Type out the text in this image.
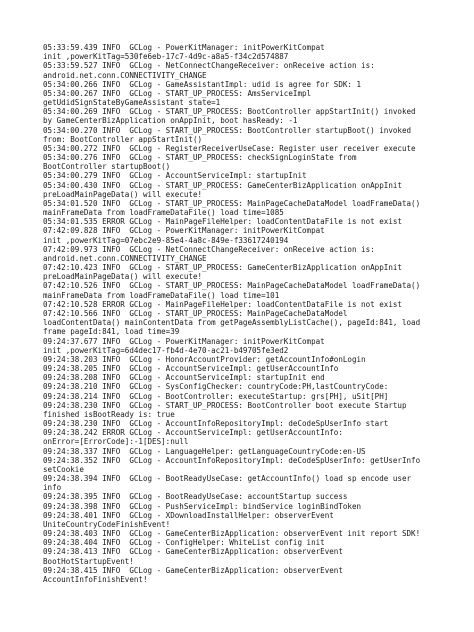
05:33:59.439 INFO  GCLog - PowerKitManager: initPowerKitCompat
init ,powerKitTag=530fe6eb-17c7-4d9c-a8a5-f34c2d574887
05:33:59.527 INFO  GCLog - NetConnectChangeReceiver: onReceive action is:
android.net.conn.CONNECTIVITY_CHANGE
05:34:00.266 INFO  GCLog - GameAssistantImpl: udid is agree for SDK: 1
05:34:00.267 INFO  GCLog - START_UP_PROCESS: AmsServiceImpl
getUdidSignStateByGameAssistant state=1
05:34:00.269 INFO  GCLog - START_UP_PROCESS: BootController appStartInit() invoked
by GameCenterBizApplication onAppInit, boot hasReady: -1
05:34:00.270 INFO  GCLog - START_UP_PROCESS: BootController startupBoot() invoked
from: BootController appStartInit()
05:34:00.272 INFO  GCLog - RegisterReceiverUseCase: Register user receiver execute
05:34:00.276 INFO  GCLog - START_UP_PROCESS: checkSignLoginState from
BootController startupBoot()
05:34:00.279 INFO  GCLog - AccountServiceImpl: startupInit
05:34:00.430 INFO  GCLog - START_UP_PROCESS: GameCenterBizApplication onAppInit
preLoadMainPageData() will execute!
05:34:01.520 INFO  GCLog - START_UP_PROCESS: MainPageCacheDataModel loadFrameData()
mainFrameData from loadFrameDataFile() load time=1085
05:34:01.535 ERROR GCLog - MainPageFileHelper: loadContentDataFile is not exist
07:42:09.828 INFO  GCLog - PowerKitManager: initPowerKitCompat
init ,powerKitTag=07ebc2e9-85e4-4a8c-849e-f33617240194
07:42:09.973 INFO  GCLog - NetConnectChangeReceiver: onReceive action is:
android.net.conn.CONNECTIVITY_CHANGE
07:42:10.423 INFO  GCLog - START_UP_PROCESS: GameCenterBizApplication onAppInit
preLoadMainPageData() will execute!
07:42:10.526 INFO  GCLog - START_UP_PROCESS: MainPageCacheDataModel loadFrameData()
mainFrameData from loadFrameDataFile() load time=101
07:42:10.528 ERROR GCLog - MainPageFileHelper: loadContentDataFile is not exist
07:42:10.566 INFO  GCLog - START_UP_PROCESS: MainPageCacheDataModel
loadContentData() mainContentData from getPageAssemblyListCache(), pageId:841, load
frame pageId:841, load time=39
09:24:37.677 INFO  GCLog - PowerKitManager: initPowerKitCompat
init ,powerKitTag=6d4dec17-fb4d-4e70-ac21-b49705fe3ed2
09:24:38.203 INFO  GCLog - HonorAccountProvider: getAccountInfo#onLogin
09:24:38.205 INFO  GCLog - AccountServiceImpl: getUserAccountInfo
09:24:38.208 INFO  GCLog - AccountServiceImpl: startupInit end
09:24:38.210 INFO  GCLog - SysConfigChecker: countryCode:PH,lastCountryCode:
09:24:38.214 INFO  GCLog - BootController: executeStartup: grs[PH], uSit[PH]
09:24:38.230 INFO  GCLog - START_UP_PROCESS: BootController boot execute Startup
finished isBootReady is: true
09:24:38.230 INFO  GCLog - AccountInfoRepositoryImpl: deCodeSpUserInfo start
09:24:38.242 ERROR GCLog - AccountServiceImpl: getUserAccountInfo:
onError=[ErrorCode]:-1[DES]:null
09:24:38.337 INFO  GCLog - LanguageHelper: getLanguageCountryCode:en-US
09:24:38.352 INFO  GCLog - AccountInfoRepositoryImpl: deCodeSpUserInfo: getUserInfo
setCookie
09:24:38.394 INFO  GCLog - BootReadyUseCase: getAccountInfo() load sp encode user
info
09:24:38.395 INFO  GCLog - BootReadyUseCase: accountStartup success
09:24:38.398 INFO  GCLog - PushServiceImpl: bindService loginBindToken
09:24:38.401 INFO  GCLog - XDownloadInstallHelper: observerEvent
UniteCountryCodeFinishEvent!
09:24:38.403 INFO  GCLog - GameCenterBizApplication: observerEvent init report SDK!
09:24:38.404 INFO  GCLog - ConfigHelper: WhiteList config init
09:24:38.413 INFO  GCLog - GameCenterBizApplication: observerEvent
BootHotStartupEvent!
09:24:38.415 INFO  GCLog - GameCenterBizApplication: observerEvent
AccountInfoFinishEvent!
